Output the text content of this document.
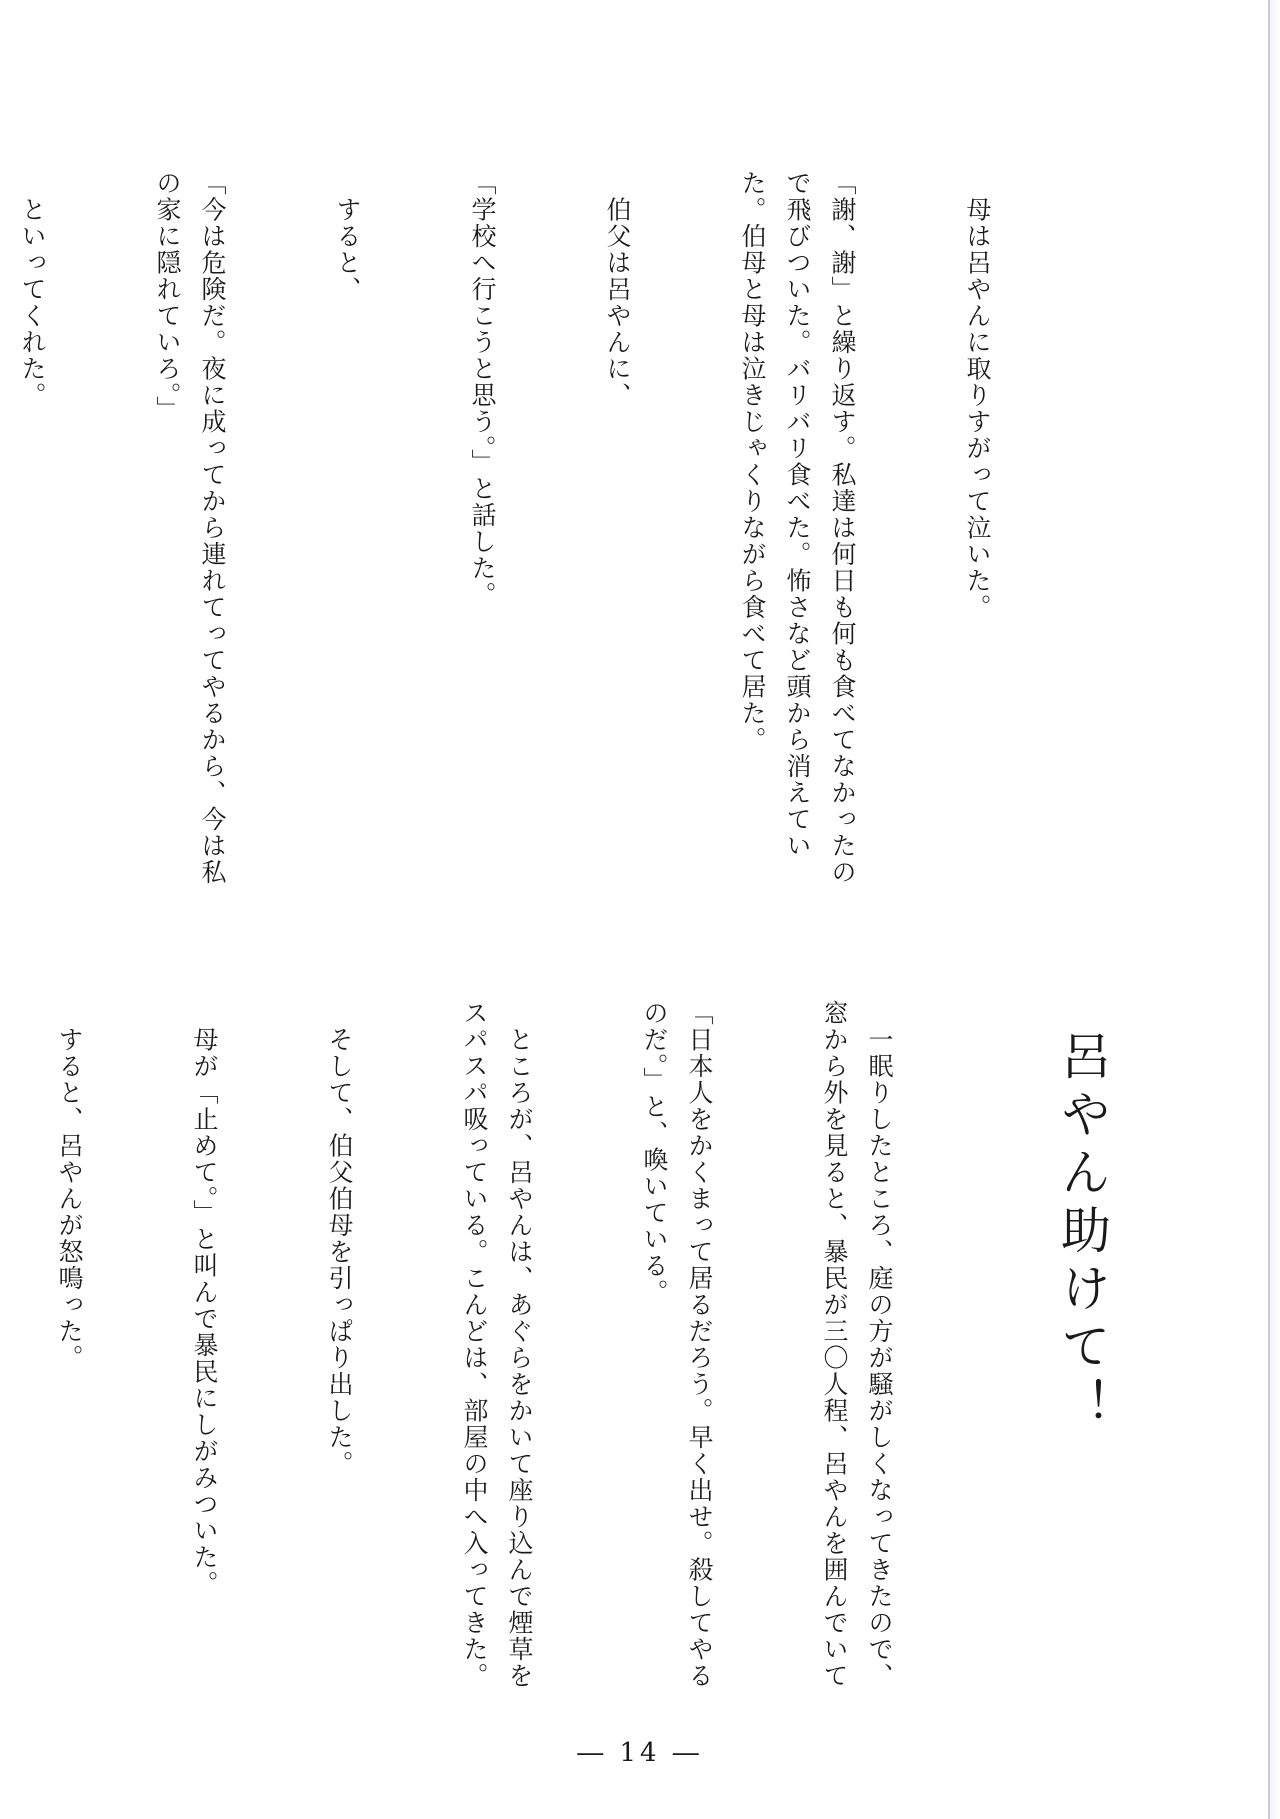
　母は呂やんに取りすがって泣いた。

「謝、謝」と繰り返す。私達は何日も何も食べてなかったので飛びついた。バリバリ食べた。怖さなど頭から消えていた。伯母と母は泣きじゃくりながら食べて居た。

　伯父は呂やんに、

「学校へ行こうと思う。」と話した。

　すると、

「今は危険だ。夜に成ってから連れてってやるから、今は私の家に隠れていろ。」

　といってくれた。

呂やん助けて！

　一眠りしたところ、庭の方が騒がしくなってきたので、窓から外を見ると、暴民が三〇人程、呂やんを囲んでいて

「日本人をかくまって居るだろう。早く出せ。殺してやるのだ。」と、喚いている。

　ところが、呂やんは、あぐらをかいて座り込んで煙草をスパスパ吸っている。こんどは、部屋の中へ入ってきた。

　そして、伯父伯母を引っぱり出した。

　母が「止めて。」と叫んで暴民にしがみついた。

　すると、呂やんが怒鳴った。

― 14 ―
